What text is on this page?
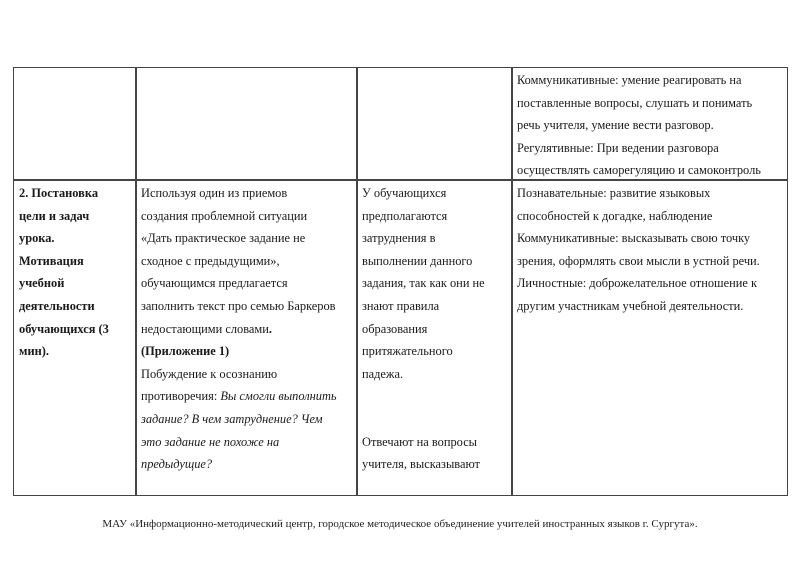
Коммуникативные: умение реагировать на
поставленные вопросы, слушать и понимать
речь учителя, умение вести разговор.
Регулятивные: При ведении разговора
осуществлять саморегуляцию и самоконтроль
2. Постановка
цели и задач
урока.
Мотивация
учебной
деятельности
обучающихся (3
мин).
Используя один из приемов
создания проблемной ситуации
«Дать практическое задание не
сходное с предыдущими»,
обучающимся предлагается
заполнить текст про семью Баркеров
недостающими словами.
(Приложение 1)
Побуждение к осознанию
противоречия: Вы смогли выполнить
задание? В чем затруднение? Чем
это задание не похоже на
предыдущие?
У обучающихся
предполагаются
затруднения в
выполнении данного
задания, так как они не
знают правила
образования
притяжательного
падежа.
Отвечают на вопросы
учителя, высказывают
Познавательные: развитие языковых
способностей к догадке, наблюдение
Коммуникативные: высказывать свою точку
зрения, оформлять свои мысли в устной речи.
Личностные: доброжелательное отношение к
другим участникам учебной деятельности.
МАУ «Информационно-методический центр, городское методическое объединение учителей иностранных языков г. Сургута».
